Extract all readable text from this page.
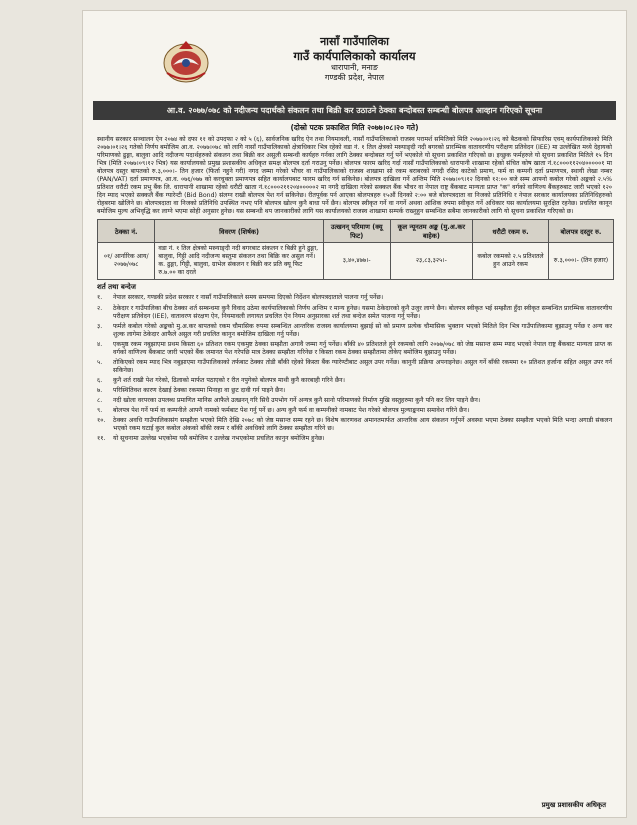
नासाँ गाउँपालिका
गाउँ कार्यपालिकाको कार्यालय
धारापानी, मनाङ
गण्डकी प्रदेश, नेपाल
आ.व. २०७७/०७८ को नदीजन्य पदार्थको संकलन तथा बिक्री कर उठाउने ठेक्का बन्दोबस्त सम्बन्धी बोलपत्र आव्हान गरिएको सूचना
(दोस्रो पटक प्रकाशित मिति २०७७।०८।२० गते)
स्थानीय सरकार सञ्चालन ऐन २०७४ को दफा ११ को उपदफा २ को ५ (६), सार्वजनिक खरिद ऐन तथा नियमावली, नासाँ गाउँपालिकाको राजस्व परामर्श समितिको मिति २०७७।०१।२६ को बैठकको सिफारिस एवम् कार्यपालिकाको मिति २०७७।०१।२६ गतेको निर्णय बमोजिम आ.व. २०७७।०७८ को लागि नासाँ गाउँपालिकाको क्षेत्राधिकार भित्र रहेको वडा नं. १ तिल क्षेत्रको मस्र्याङ्दी नदी बगरको प्रारम्भिक वातावरणीय परीक्षण प्रतिवेदन (IEE) मा उल्लेखित मध्ये देहायको परिमाणको ढुङ्गा, बालुवा आदि नदीजन्य पदार्थहरुको संकलन तथा बिक्री कर असुली सम्बन्धी कार्यहरु गर्नका लागि ठेक्का बन्दोबस्त गर्नु पर्ने भएकोले यो सूचना प्रकाशित गरिएको छ। इच्छुक फर्महरुले यो सूचना प्रकाशित मितिले १५ दिन भित्र (मिति २०७७।०९।१२ भित्र) यस कार्यालयको प्रमुख प्रशासकीय अधिकृत समक्ष बोलपत्र दर्ता गराउनु पर्नेछ। बोलपत्र फारम खरिद गर्दा नासाँ गाउँपालिकाको धारापानी शाखामा रहेको संचित कोष खाता नं.१८०००११२०४०००००१ मा बोलपत्र दस्तुर बापतको रु.३,०००।- तिन हजार (फिर्ता नहुने गरी) नगद जम्मा गरेको भौचर वा गाउँपालिकाको राजस्व शाखामा सो रकम बराबरको नगदी रसिद काटेको प्रमाण, फर्म वा कम्पनी दर्ता प्रमाणपत्र, स्थायी लेखा नम्बर (PAN/VAT) दर्ता प्रमाणपत्र, आ.व. ०७६/०७७ को करचुक्ता प्रमाणपत्र सहित कार्यालयबाट फारम खरिद गर्न सकिनेछ। बोलपत्र दाखिला गर्ने अन्तिम मिति २०७७।०९।१२ दिनको १२:०० बजे सम्म आफ्नो कबोल गरेको अङ्कको २.५% प्रतिशत धरौटी रकम प्रभु बैंक लि. धारापानी शाखामा रहेको धरौटी खाता नं.१८०००२११२०४०००००२ मा नगदै दाखिला गरेको सक्कल बैंक भौचर वा नेपाल राष्ट्र बैंकबाट मान्यता प्राप्त "क" वर्गको वाणिज्य बैंकहरुबाट जारी भएको १२० दिन म्याद भएको सक्कलै बैंक ग्यारेन्टी (Bid Bond) संलग्न राखी बोलपत्र पेश गर्न सकिनेछ। रीतपूर्वक पर्न आएका बोलपत्रहरु १५औं दिनको २:०० बजे बोलपत्रदाता वा निजको प्रतिनिधि र नेपाल सरकार कार्यालयका प्रतिनिधिहरुको रोहबरमा खोलिने छ। बोलपत्रदाता वा निजको प्रतिनिधि उपस्थित नभए पनि बोलपत्र खोल्न कुनै बाधा पर्ने छैन। बोलपत्र स्वीकृत गर्ने वा नगर्ने अथवा आंशिक रुपमा स्वीकृत गर्ने अधिकार यस कार्यालयमा सुरक्षित रहनेछ। प्रचलित कानून बमोजिम मुल्य अभिवृद्धि कर लाग्ने भएमा सोही अनुसार हुनेछ। यस सम्बन्धी थप जानकारीको लागि यस कार्यालयको राजस्व शाखामा सम्पर्क राख्नुहुन सम्बन्धित सबैमा जानकारीको लागि यो सूचना प्रकाशित गरिएको छ।
ठेक्का नं.	विवरण (शिर्षक)	उत्खनन् परिमाण (क्यू फिट)	कूल न्यूनतम अङ्क (मु.अ.कर बाहेक)	धरौटी रकम रु.	बोलपत्र दस्तुर रु.
०१/ आर्नारिक आय/ २०७७/०७८	वडा नं. १ तिल क्षेत्रको मस्र्याङ्दी नदी बगरबाट संकलन र बिक्री हुने ढुङ्गा, बालुवा, गिट्टी आदि नदीजन्य बस्तुमा संकलन तथा बिक्रि कर असुल गर्ने। क. ढुङ्गा, गिट्टी, बालुवा, ग्राभेल संकलन र बिक्री कर प्रति क्यू फिट रु.७.०० का दरले	३,४०,४७७।-	२३,८३,३२५।-	कबोल रकमको २.५ प्रतिशतले हुन आउने रकम	रु.३,०००।- (तिन हजार)
शर्त तथा बन्देज
१.	नेपाल सरकार, गण्डकी प्रदेश सरकार र नासाँ गाउँपालिकाले समय समयमा दिएको निर्देशन बोलपत्रदाताले पालना गर्नु पर्नेछ।
२.	ठेकेदार र गाउँपालिका बीच ठेक्का शर्त सम्बन्धमा कुनै विवाद उठेमा कार्यपालिकाको निर्णय अन्तिम र मान्य हुनेछ। यसमा ठेकेदारको कुनै उजुर लाग्ने छैन। बोलपत्र स्वीकृत भई सम्झौता हुँदा स्वीकृत सम्बन्धित प्रारम्भिक वातावरणीय परीक्षण प्रतिवेदन (IEE), वातावरण संरक्षण ऐन, नियमावली लगायत प्रचलित ऐन नियम अनुसारका शर्त तथा बन्देज समेत पालना गर्नु पर्नेछ।
३.	फर्मले कबोल गरेको अङ्कको मु.अ.कर बापतको रकम चौमासिक रुपमा सम्बन्धित आन्तरिक राजस्व कार्यालयमा बुझाई सो को प्रमाण प्रत्येक चौमासिक भुक्तान भएको मितिले दिन भित्र गाउँपालिकामा बुझाउनु पर्नेछ र अन्य कर शुल्क लागेमा ठेकेदार आफैले असुल गरी प्रचलित कानुन बमोजिम दाखिला गर्नु पर्नेछ।
४.	एकमुष्ठ रकम नबुझाएमा प्रथम किस्ता ६० प्रतिशत रकम एकमुष्ट ठेक्का सम्झौता अगावै जम्मा गर्नु पर्नेछ। बाँकी ४० प्रतिशतले हुने रकमको लागि २०७७/०७८ को जेष्ठ मसान्त सम्म म्याद भएको नेपाल राष्ट्र बैंकबाट मान्यता प्राप्त क वर्गको वाणिज्य बैंकबाट जारी भएको बैंक जमानत पेश गरेपछि मात्र ठेक्का सम्झौता गरिनेछ र किस्ता रकम ठेक्का सम्झौतामा तोकेए बमोजिम बुझाउनु पर्नेछ।
५.	तोकिएको रकम म्याद भित्र नबुझाएमा गाउँपालिकाको तर्फबाट ठेक्का तोडी बाँकी रहेको किस्ता बैंक ग्यारेण्टीबाट असुल उपर गर्नेछ। कानुनी प्रक्रिया अपनाइनेछ। असुल गर्ने बाँकी रकममा १० प्रतिशत हर्जाना सहित असुल उपर गर्न सकिनेछ।
६.	कुनै शर्त राखी पेश गरेको, ढिलाको मार्फत पठाएको र रीत नपुगेको बोलपत्र माथी कुनै कारबाही गरिने छैन।
७.	परिस्थितिवश कारण देखाई ठेक्का रकममा मिनाहा वा छुट दावी गर्न पाइने छैन।
८.	नदी खोला वरपरका उपलब्ध प्रमाणित मानिस आफैले उत्खनन् गरि सिधै उपभोग गर्ने अन्यत्र कुनै सानो परिमाणको निर्माण मुखि वस्तुहरुमा कुनै पनि कर लिन पाइने छैन।
९.	बोलपत्र पेश गर्ने फर्म वा कम्पनीले आफ्नै नामको फर्मबाट पेश गर्नु पर्ने छ। अन्य कुनै फर्म वा कम्पनीको नामबाट पेश गरेको बोलपत्र मुल्याङ्कनमा समावेश गरिने छैन।
१०.	ठेक्का अवधि गाउँपालिकासंग सम्झौता भएको मिति देखि २०७८ को जेष्ठ मसान्त सम्म रहने छ। विशेष कारणवश अमानतमार्फत आन्तरिक आय संकलन गर्नुपर्ने अवस्था भएमा ठेक्का सम्झौता भएको मिति भन्दा अगाडी संकलन भएको रकम घटाई कुल कबोल अंकको बाँकी रकम र बाँकी अवधिको लागि ठेक्का सम्झौता गरिने छ।
११.	यो सूचनामा उल्लेख भएकोमा यसै बमोजिम र उल्लेख नभएकोमा प्रचलित कानुन बमोजिम हुनेछ।
प्रमुख प्रशासकीय अधिकृत
